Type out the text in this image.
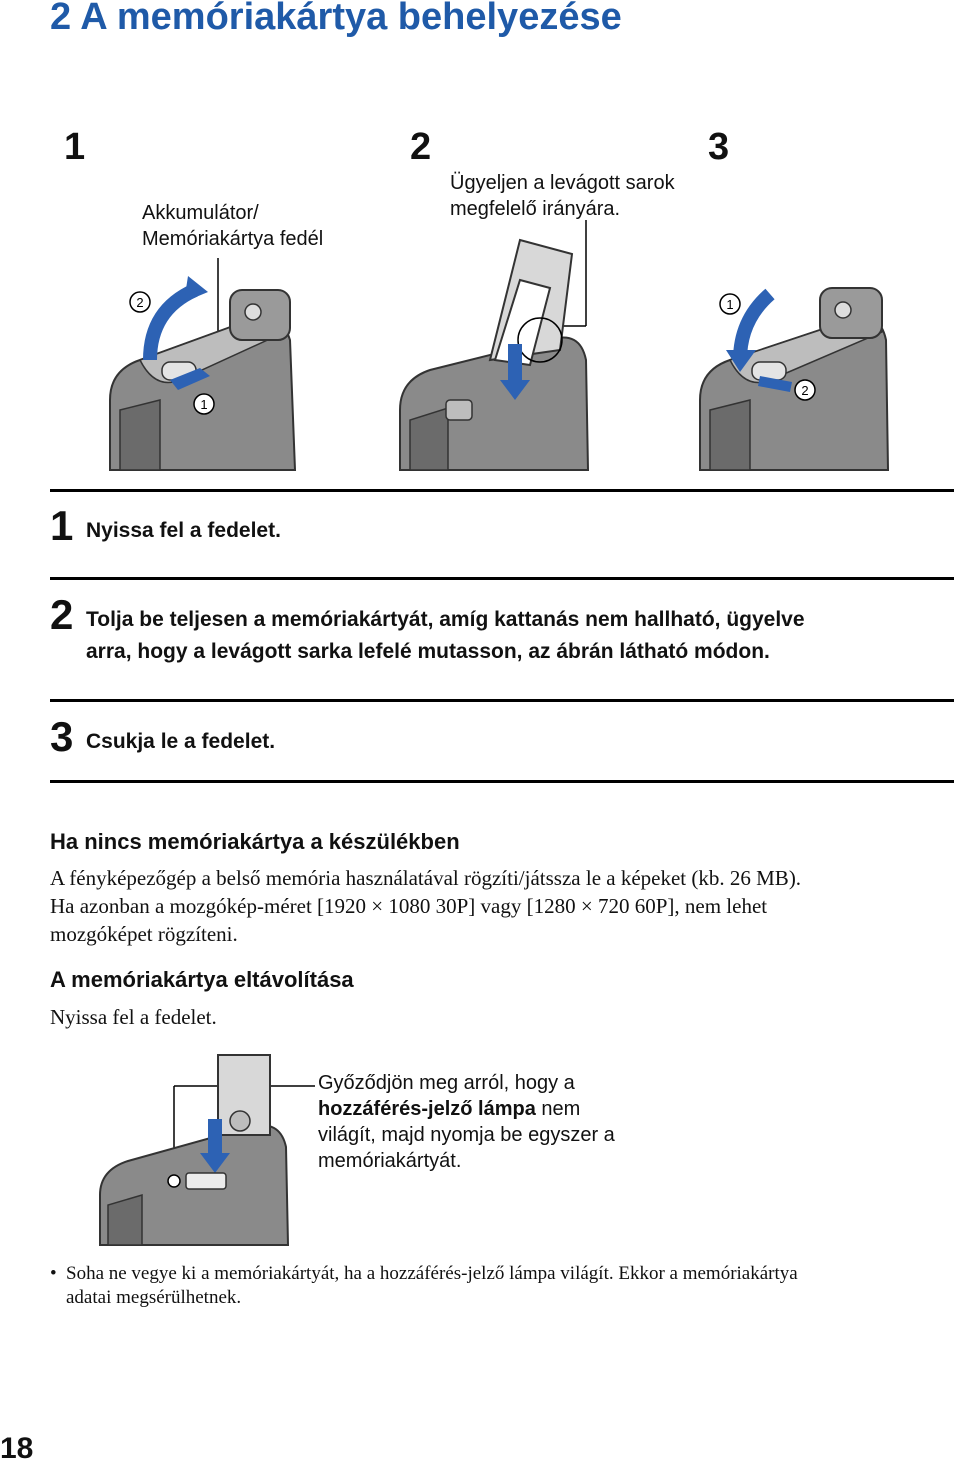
2 A memóriakártya behelyezése
1	2	3
Akkumulátor/
Memóriakártya fedél
Ügyeljen a levágott sarok
megfelelő irányára.
2
1
1
2
1 Nyissa fel a fedelet.
2 Tolja be teljesen a memóriakártyát, amíg kattanás nem hallható, ügyelve
arra, hogy a levágott sarka lefelé mutasson, az ábrán látható módon.
3 Csukja le a fedelet.
Ha nincs memóriakártya a készülékben
A fényképezőgép a belső memória használatával rögzíti/játssza le a képeket (kb. 26 MB).
Ha azonban a mozgókép-méret [1920 × 1080 30P] vagy [1280 × 720 60P], nem lehet
mozgóképet rögzíteni.
A memóriakártya eltávolítása
Nyissa fel a fedelet.
Győződjön meg arról, hogy a
hozzáférés-jelző lámpa nem
világít, majd nyomja be egyszer a
memóriakártyát.
• Soha ne vegye ki a memóriakártyát, ha a hozzáférés-jelző lámpa világít. Ekkor a memóriakártya
adatai megsérülhetnek.
18
